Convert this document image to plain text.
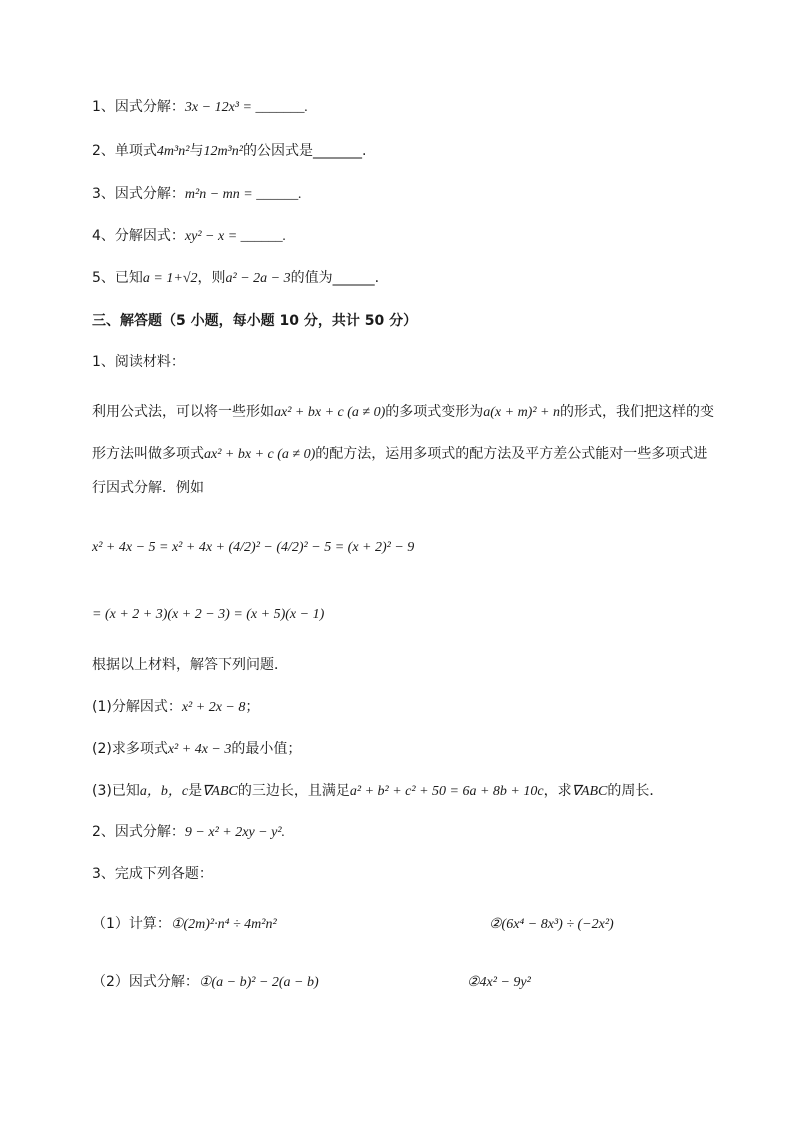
1、因式分解：3x − 12x³ = _______.
2、单项式4m³n²与12m³n²的公因式是_______.
3、因式分解：m²n − mn = ______.
4、分解因式：xy² − x = ______.
5、已知a = 1+√2，则a² − 2a − 3的值为______.
三、解答题（5 小题，每小题 10 分，共计 50 分）
1、阅读材料：
利用公式法，可以将一些形如ax² + bx + c (a ≠ 0)的多项式变形为a(x + m)² + n的形式，我们把这样的变
形方法叫做多项式ax² + bx + c (a ≠ 0)的配方法，运用多项式的配方法及平方差公式能对一些多项式进
行因式分解．例如
x² + 4x − 5 = x² + 4x + (4/2)² − (4/2)² − 5 = (x + 2)² − 9
= (x + 2 + 3)(x + 2 − 3) = (x + 5)(x − 1)
根据以上材料，解答下列问题．
(1)分解因式：x² + 2x − 8；
(2)求多项式x² + 4x − 3的最小值；
(3)已知a，b，c是∇ABC的三边长，且满足a² + b² + c² + 50 = 6a + 8b + 10c，求∇ABC的周长．
2、因式分解：9 − x² + 2xy − y².
3、完成下列各题：
（1）计算：①(2m)²·n⁴ ÷ 4m²n²	②(6x⁴ − 8x³) ÷ (−2x²)
（2）因式分解：①(a − b)² − 2(a − b)	②4x² − 9y²
